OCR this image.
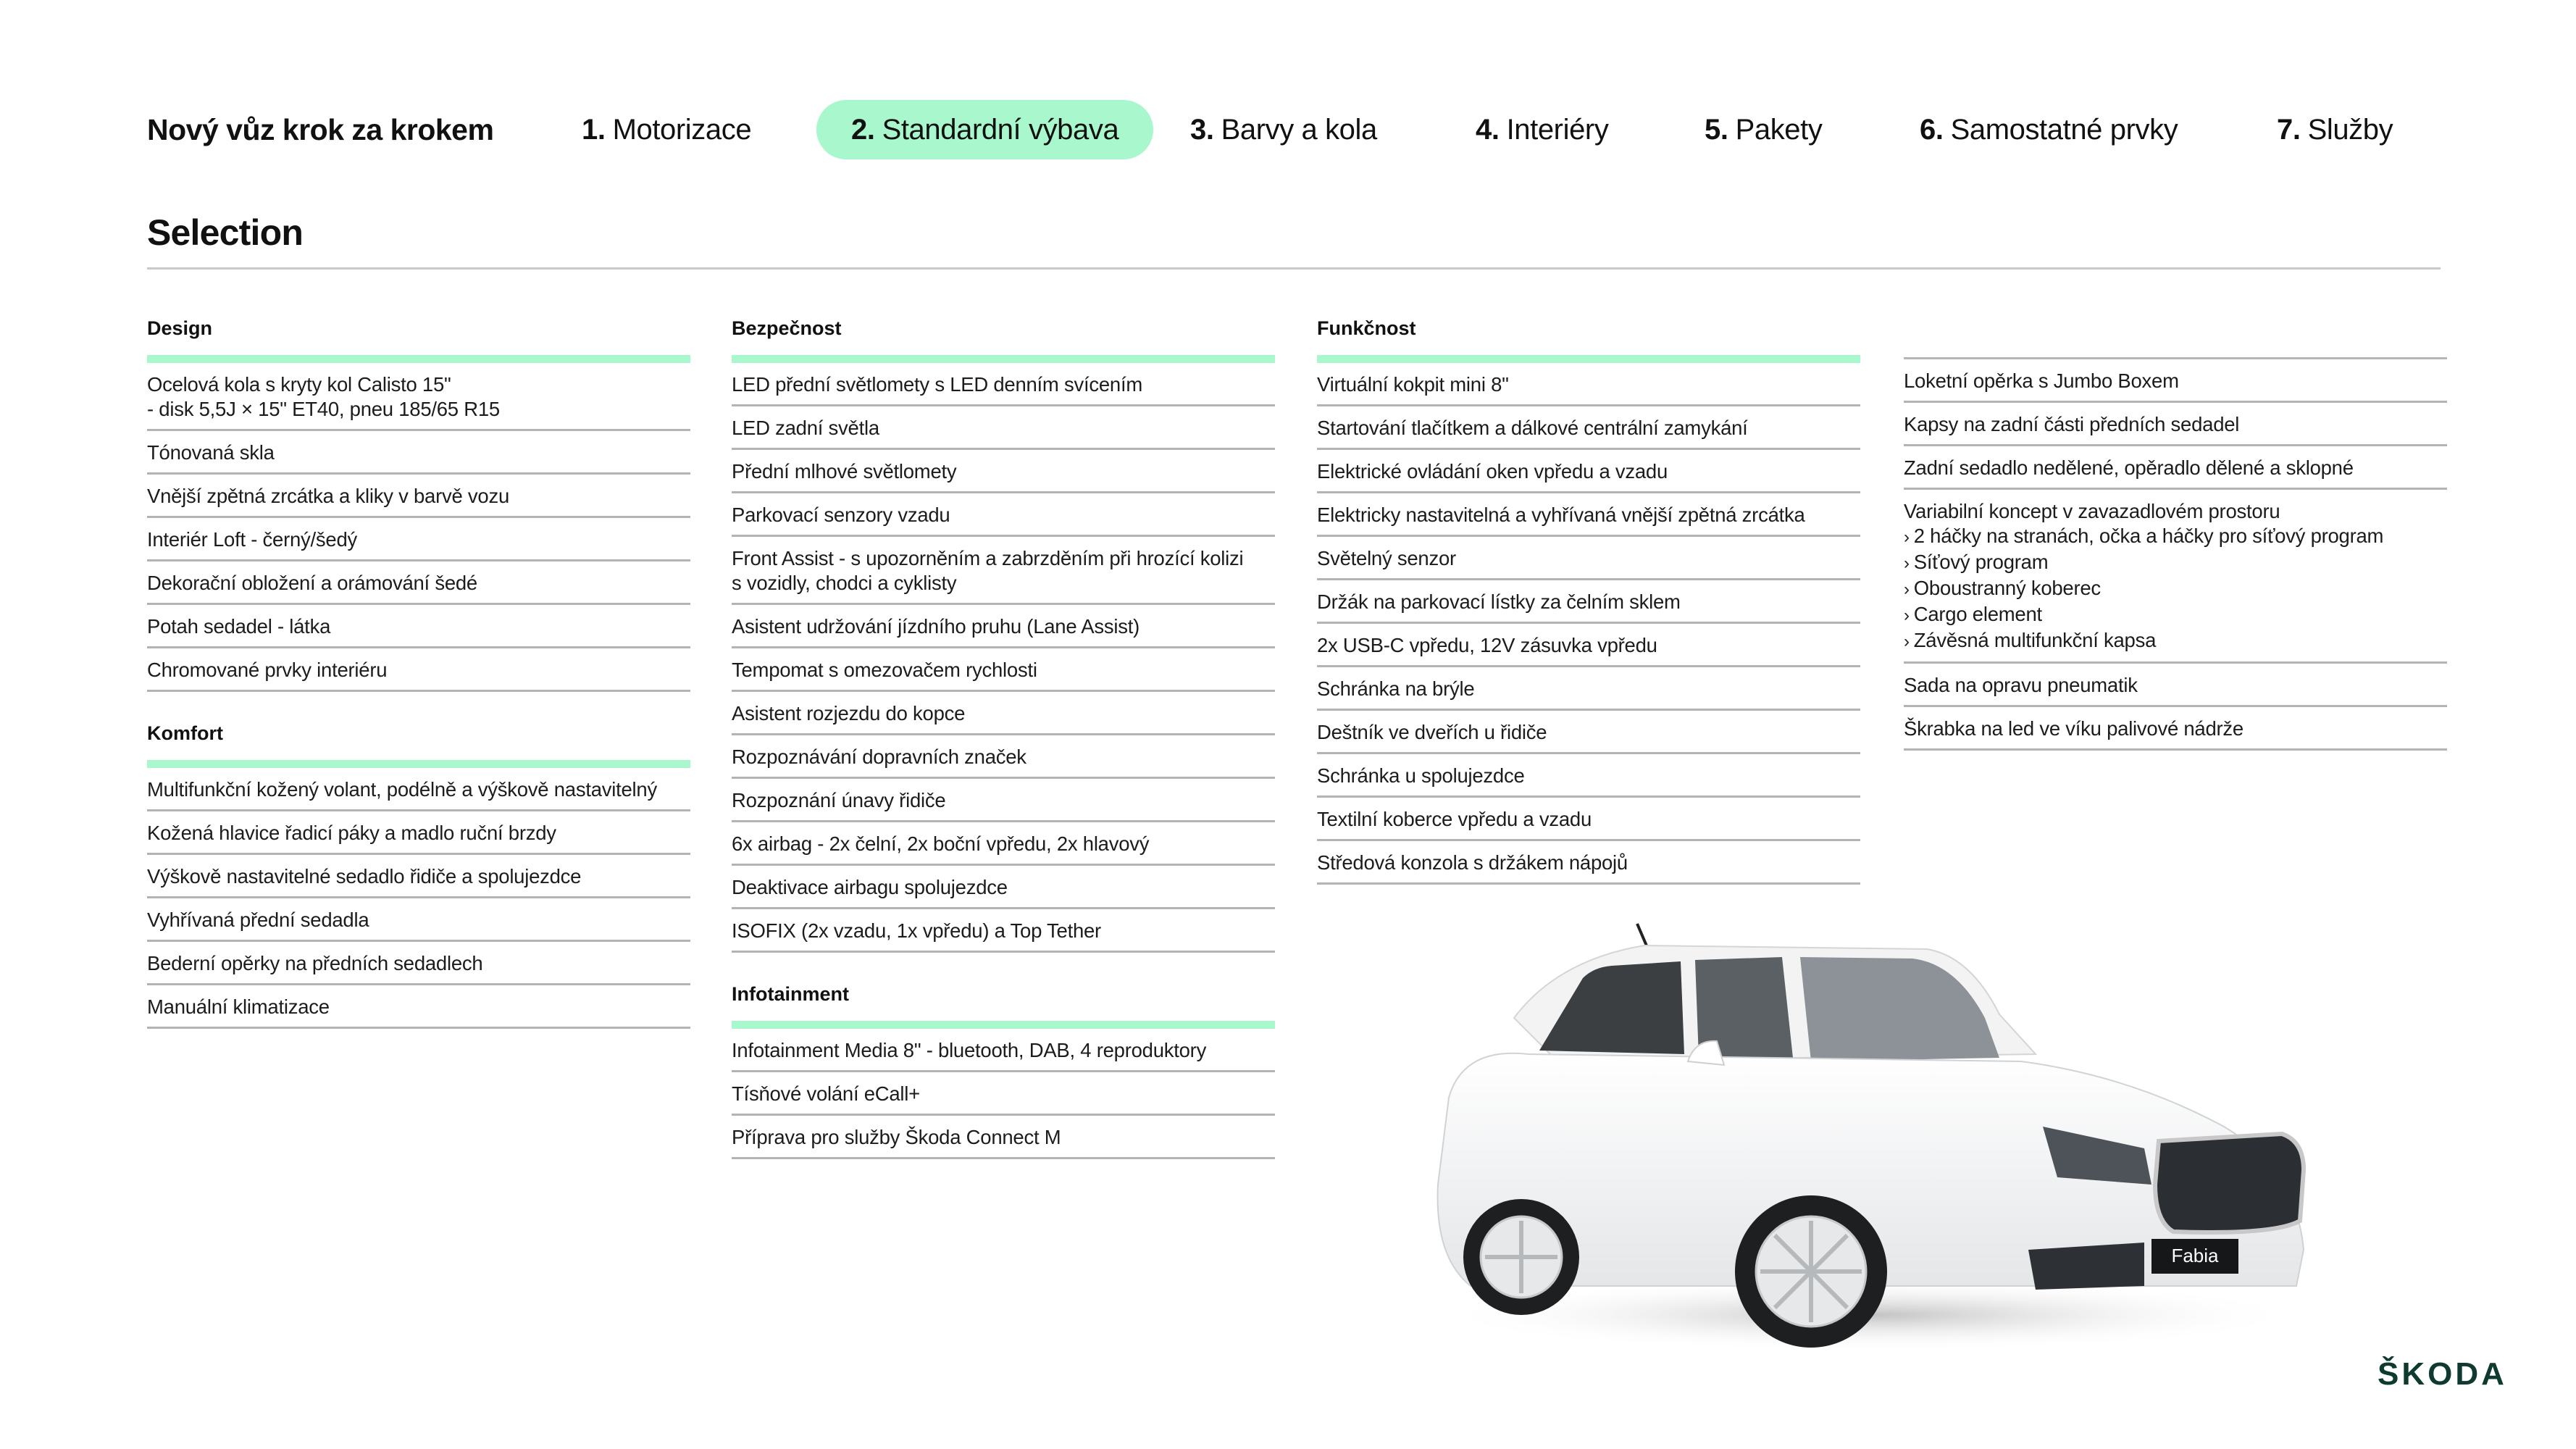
Nový vůz krok za krokem	1. Motorizace	2. Standardní výbava 3. Barvy a kola	4. Interiéry	5. Pakety	6. Samostatné prvky	7. Služby
Selection
Design
Ocelová kola s kryty kol Calisto 15"
- disk 5,5J × 15" ET40, pneu 185/65 R15
Tónovaná skla
Vnější zpětná zrcátka a kliky v barvě vozu
Interiér Loft - černý/šedý
Dekorační obložení a orámování šedé
Potah sedadel - látka
Chromované prvky interiéru
Komfort
Multifunkční kožený volant, podélně a výškově nastavitelný
Kožená hlavice řadicí páky a madlo ruční brzdy
Výškově nastavitelné sedadlo řidiče a spolujezdce
Vyhřívaná přední sedadla
Bederní opěrky na předních sedadlech
Manuální klimatizace
Bezpečnost
LED přední světlomety s LED denním svícením
LED zadní světla
Přední mlhové světlomety
Parkovací senzory vzadu
Front Assist - s upozorněním a zabrzděním při hrozící kolizi
s vozidly, chodci a cyklisty
Asistent udržování jízdního pruhu (Lane Assist)
Tempomat s omezovačem rychlosti
Asistent rozjezdu do kopce
Rozpoznávání dopravních značek
Rozpoznání únavy řidiče
6x airbag - 2x čelní, 2x boční vpředu, 2x hlavový
Deaktivace airbagu spolujezdce
ISOFIX (2x vzadu, 1x vpředu) a Top Tether
Infotainment
Infotainment Media 8" - bluetooth, DAB, 4 reproduktory
Tísňové volání eCall+
Příprava pro služby Škoda Connect M
Funkčnost
Virtuální kokpit mini 8"
Startování tlačítkem a dálkové centrální zamykání
Elektrické ovládání oken vpředu a vzadu
Elektricky nastavitelná a vyhřívaná vnější zpětná zrcátka
Světelný senzor
Držák na parkovací lístky za čelním sklem
2x USB-C vpředu, 12V zásuvka vpředu
Schránka na brýle
Deštník ve dveřích u řidiče
Schránka u spolujezdce
Textilní koberce vpředu a vzadu
Středová konzola s držákem nápojů
Loketní opěrka s Jumbo Boxem
Kapsy na zadní části předních sedadel
Zadní sedadlo nedělené, opěradlo dělené a sklopné
Variabilní koncept v zavazadlovém prostoru
› 2 háčky na stranách, očka a háčky pro síťový program
› Síťový program
› Oboustranný koberec
› Cargo element
› Závěsná multifunkční kapsa
Sada na opravu pneumatik
Škrabka na led ve víku palivové nádrže
Fabia
ŠKODA
